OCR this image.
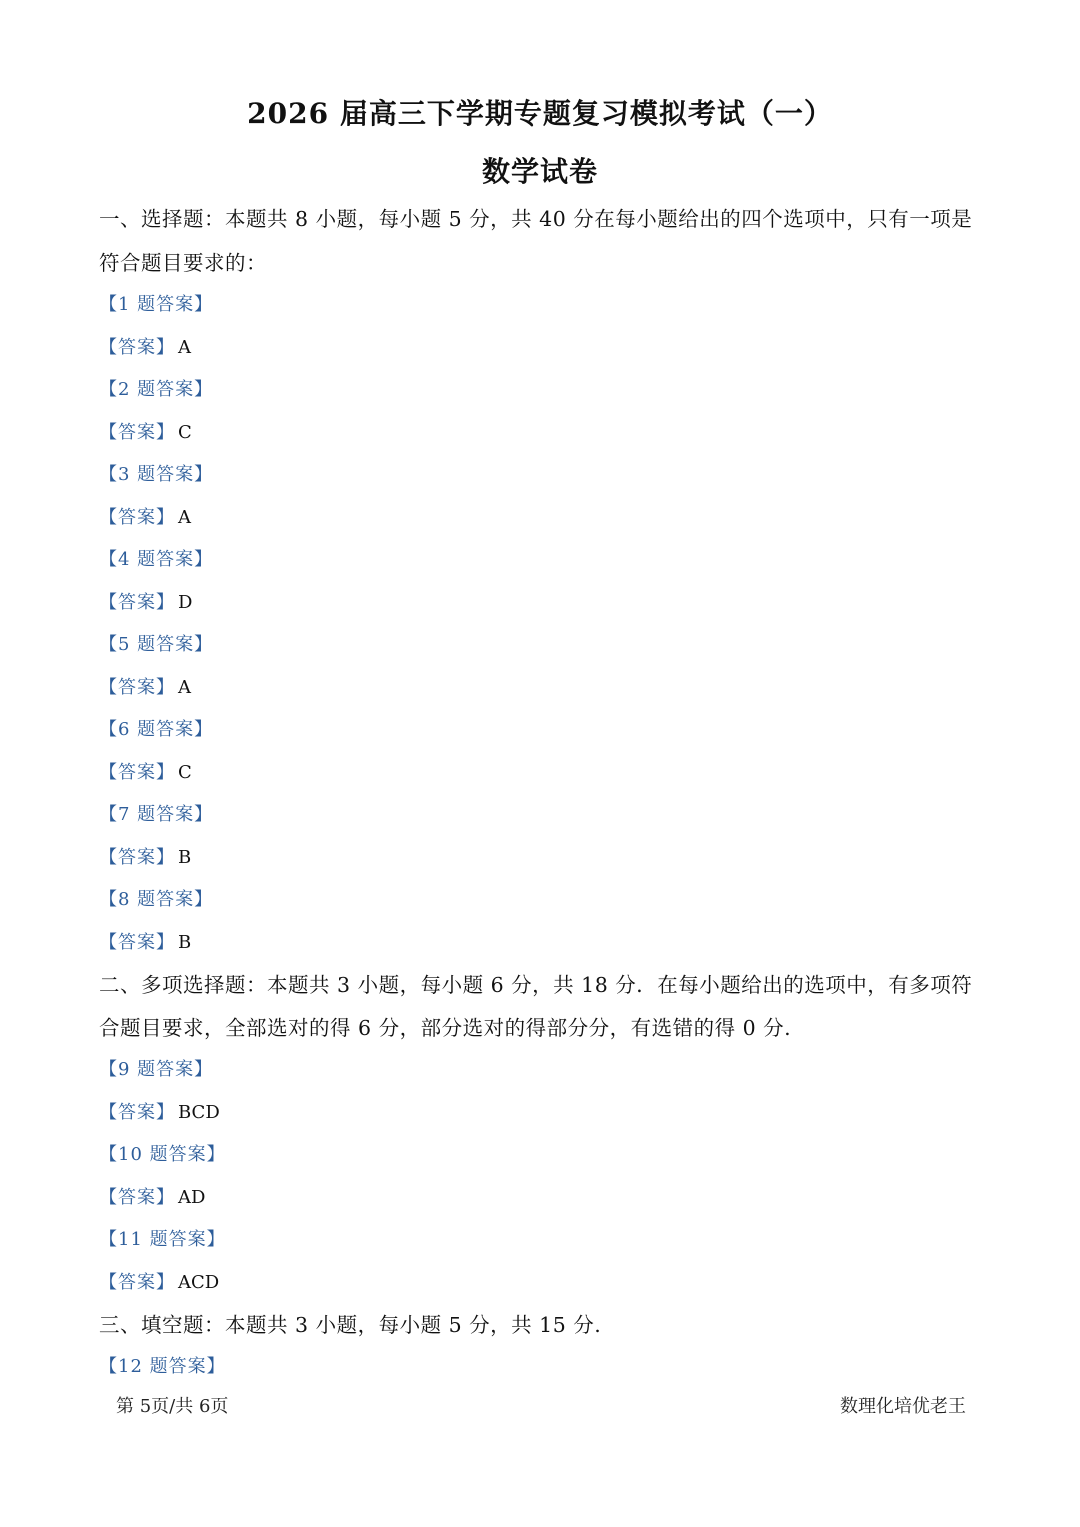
2026 届高三下学期专题复习模拟考试（一）
数学试卷
一、选择题：本题共 8 小题，每小题 5 分，共 40 分在每小题给出的四个选项中，只有一项是
符合题目要求的：
【1 题答案】
【答案】 A
【2 题答案】
【答案】 C
【3 题答案】
【答案】 A
【4 题答案】
【答案】 D
【5 题答案】
【答案】 A
【6 题答案】
【答案】 C
【7 题答案】
【答案】 B
【8 题答案】
【答案】 B
二、多项选择题：本题共 3 小题，每小题 6 分，共 18 分．在每小题给出的选项中，有多项符
合题目要求，全部选对的得 6 分，部分选对的得部分分，有选错的得 0 分.
【9 题答案】
【答案】 BCD
【10 题答案】
【答案】 AD
【11 题答案】
【答案】 ACD
三、填空题：本题共 3 小题，每小题 5 分，共 15 分.
【12 题答案】
第 5页/共 6页	数理化培优老王
